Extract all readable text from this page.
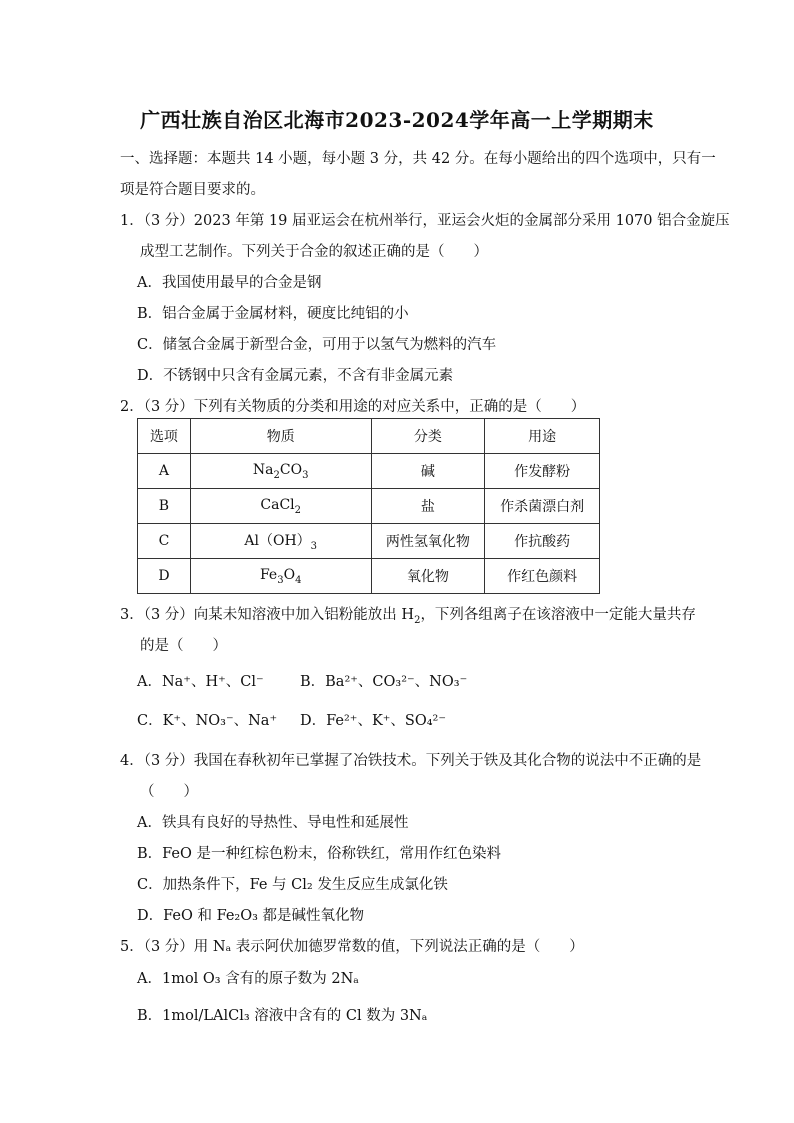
广西壮族自治区北海市2023-2024学年高一上学期期末
一、选择题：本题共 14 小题，每小题 3 分，共 42 分。在每小题给出的四个选项中，只有一
项是符合题目要求的。
1．（3 分）2023 年第 19 届亚运会在杭州举行，亚运会火炬的金属部分采用 1070 铝合金旋压
成型工艺制作。下列关于合金的叙述正确的是（　　）
A．我国使用最早的合金是钢
B．铝合金属于金属材料，硬度比纯铝的小
C．储氢合金属于新型合金，可用于以氢气为燃料的汽车
D．不锈钢中只含有金属元素，不含有非金属元素
2．（3 分）下列有关物质的分类和用途的对应关系中，正确的是（　　）
选项	物质	分类	用途
A	$Na_2CO_3$	碱	作发酵粉
B	CaCl$_2$	盐	作杀菌漂白剂
C	$Al(OH)_3$	两性氢氧化物	作抗酸药
D	$Fe_3O_4$	氧化物	作红色颜料
3．（3 分）向某未知溶液中加入铝粉能放出 $H_2$，下列各组离子在该溶液中一定能大量共存
的是（　　）
A．Na⁺、H⁺、Cl⁻	B．Ba²⁺、CO₃²⁻、NO₃⁻
C．K⁺、NO₃⁻、Na⁺ D．Fe²⁺、K⁺、SO₄²⁻
4．（3 分）我国在春秋初年已掌握了冶铁技术。下列关于铁及其化合物的说法中不正确的是
（　　）
A．铁具有良好的导热性、导电性和延展性
B．FeO 是一种红棕色粉末，俗称铁红，常用作红色染料
C．加热条件下，Fe 与 Cl₂ 发生反应生成氯化铁
D．FeO 和 Fe₂O₃ 都是碱性氧化物
5．（3 分）用 Nₐ 表示阿伏加德罗常数的值，下列说法正确的是（　　）
A．1mol O₃ 含有的原子数为 2Nₐ
B．1mol/LAlCl₃ 溶液中含有的 Cl 数为 3Nₐ
